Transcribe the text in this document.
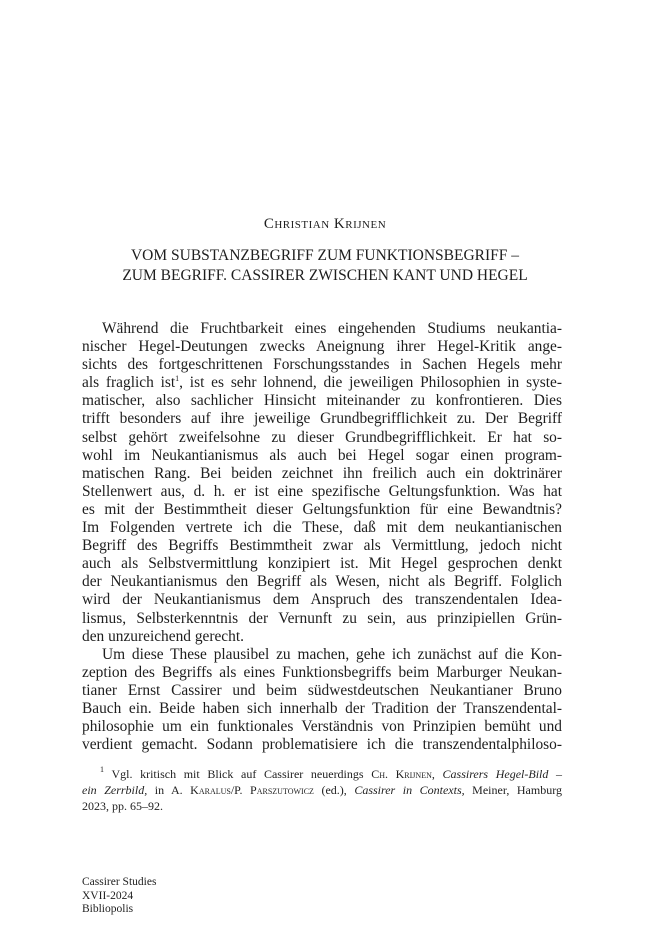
Christian Krijnen
VOM SUBSTANZBEGRIFF ZUM FUNKTIONSBEGRIFF –
ZUM BEGRIFF. CASSIRER ZWISCHEN KANT UND HEGEL
Während die Fruchtbarkeit eines eingehenden Studiums neukantia-
nischer Hegel-Deutungen zwecks Aneignung ihrer Hegel-Kritik ange-
sichts des fortgeschrittenen Forschungsstandes in Sachen Hegels mehr
als fraglich ist$^1$, ist es sehr lohnend, die jeweiligen Philosophien in syste-
matischer, also sachlicher Hinsicht miteinander zu konfrontieren. Dies
trifft besonders auf ihre jeweilige Grundbegrifflichkeit zu. Der Begriff
selbst gehört zweifelsohne zu dieser Grundbegrifflichkeit. Er hat so-
wohl im Neukantianismus als auch bei Hegel sogar einen program-
matischen Rang. Bei beiden zeichnet ihn freilich auch ein doktrinärer
Stellenwert aus, d. h. er ist eine spezifische Geltungsfunktion. Was hat
es mit der Bestimmtheit dieser Geltungsfunktion für eine Bewandtnis?
Im Folgenden vertrete ich die These, daß mit dem neukantianischen
Begriff des Begriffs Bestimmtheit zwar als Vermittlung, jedoch nicht
auch als Selbstvermittlung konzipiert ist. Mit Hegel gesprochen denkt
der Neukantianismus den Begriff als Wesen, nicht als Begriff. Folglich
wird der Neukantianismus dem Anspruch des transzendentalen Idea-
lismus, Selbsterkenntnis der Vernunft zu sein, aus prinzipiellen Grün-
den unzureichend gerecht.
Um diese These plausibel zu machen, gehe ich zunächst auf die Kon-
zeption des Begriffs als eines Funktionsbegriffs beim Marburger Neukan-
tianer Ernst Cassirer und beim südwestdeutschen Neukantianer Bruno
Bauch ein. Beide haben sich innerhalb der Tradition der Transzendental-
philosophie um ein funktionales Verständnis von Prinzipien bemüht und
verdient gemacht. Sodann problematisiere ich die transzendentalphiloso-
$^1$ Vgl. kritisch mit Blick auf Cassirer neuerdings Ch. Krijnen, Cassirers Hegel-Bild –
ein Zerrbild, in A. Karalus/P. Parszutowicz (ed.), Cassirer in Contexts, Meiner, Hamburg
2023, pp. 65–92.
Cassirer Studies
XVII-2024
Bibliopolis
